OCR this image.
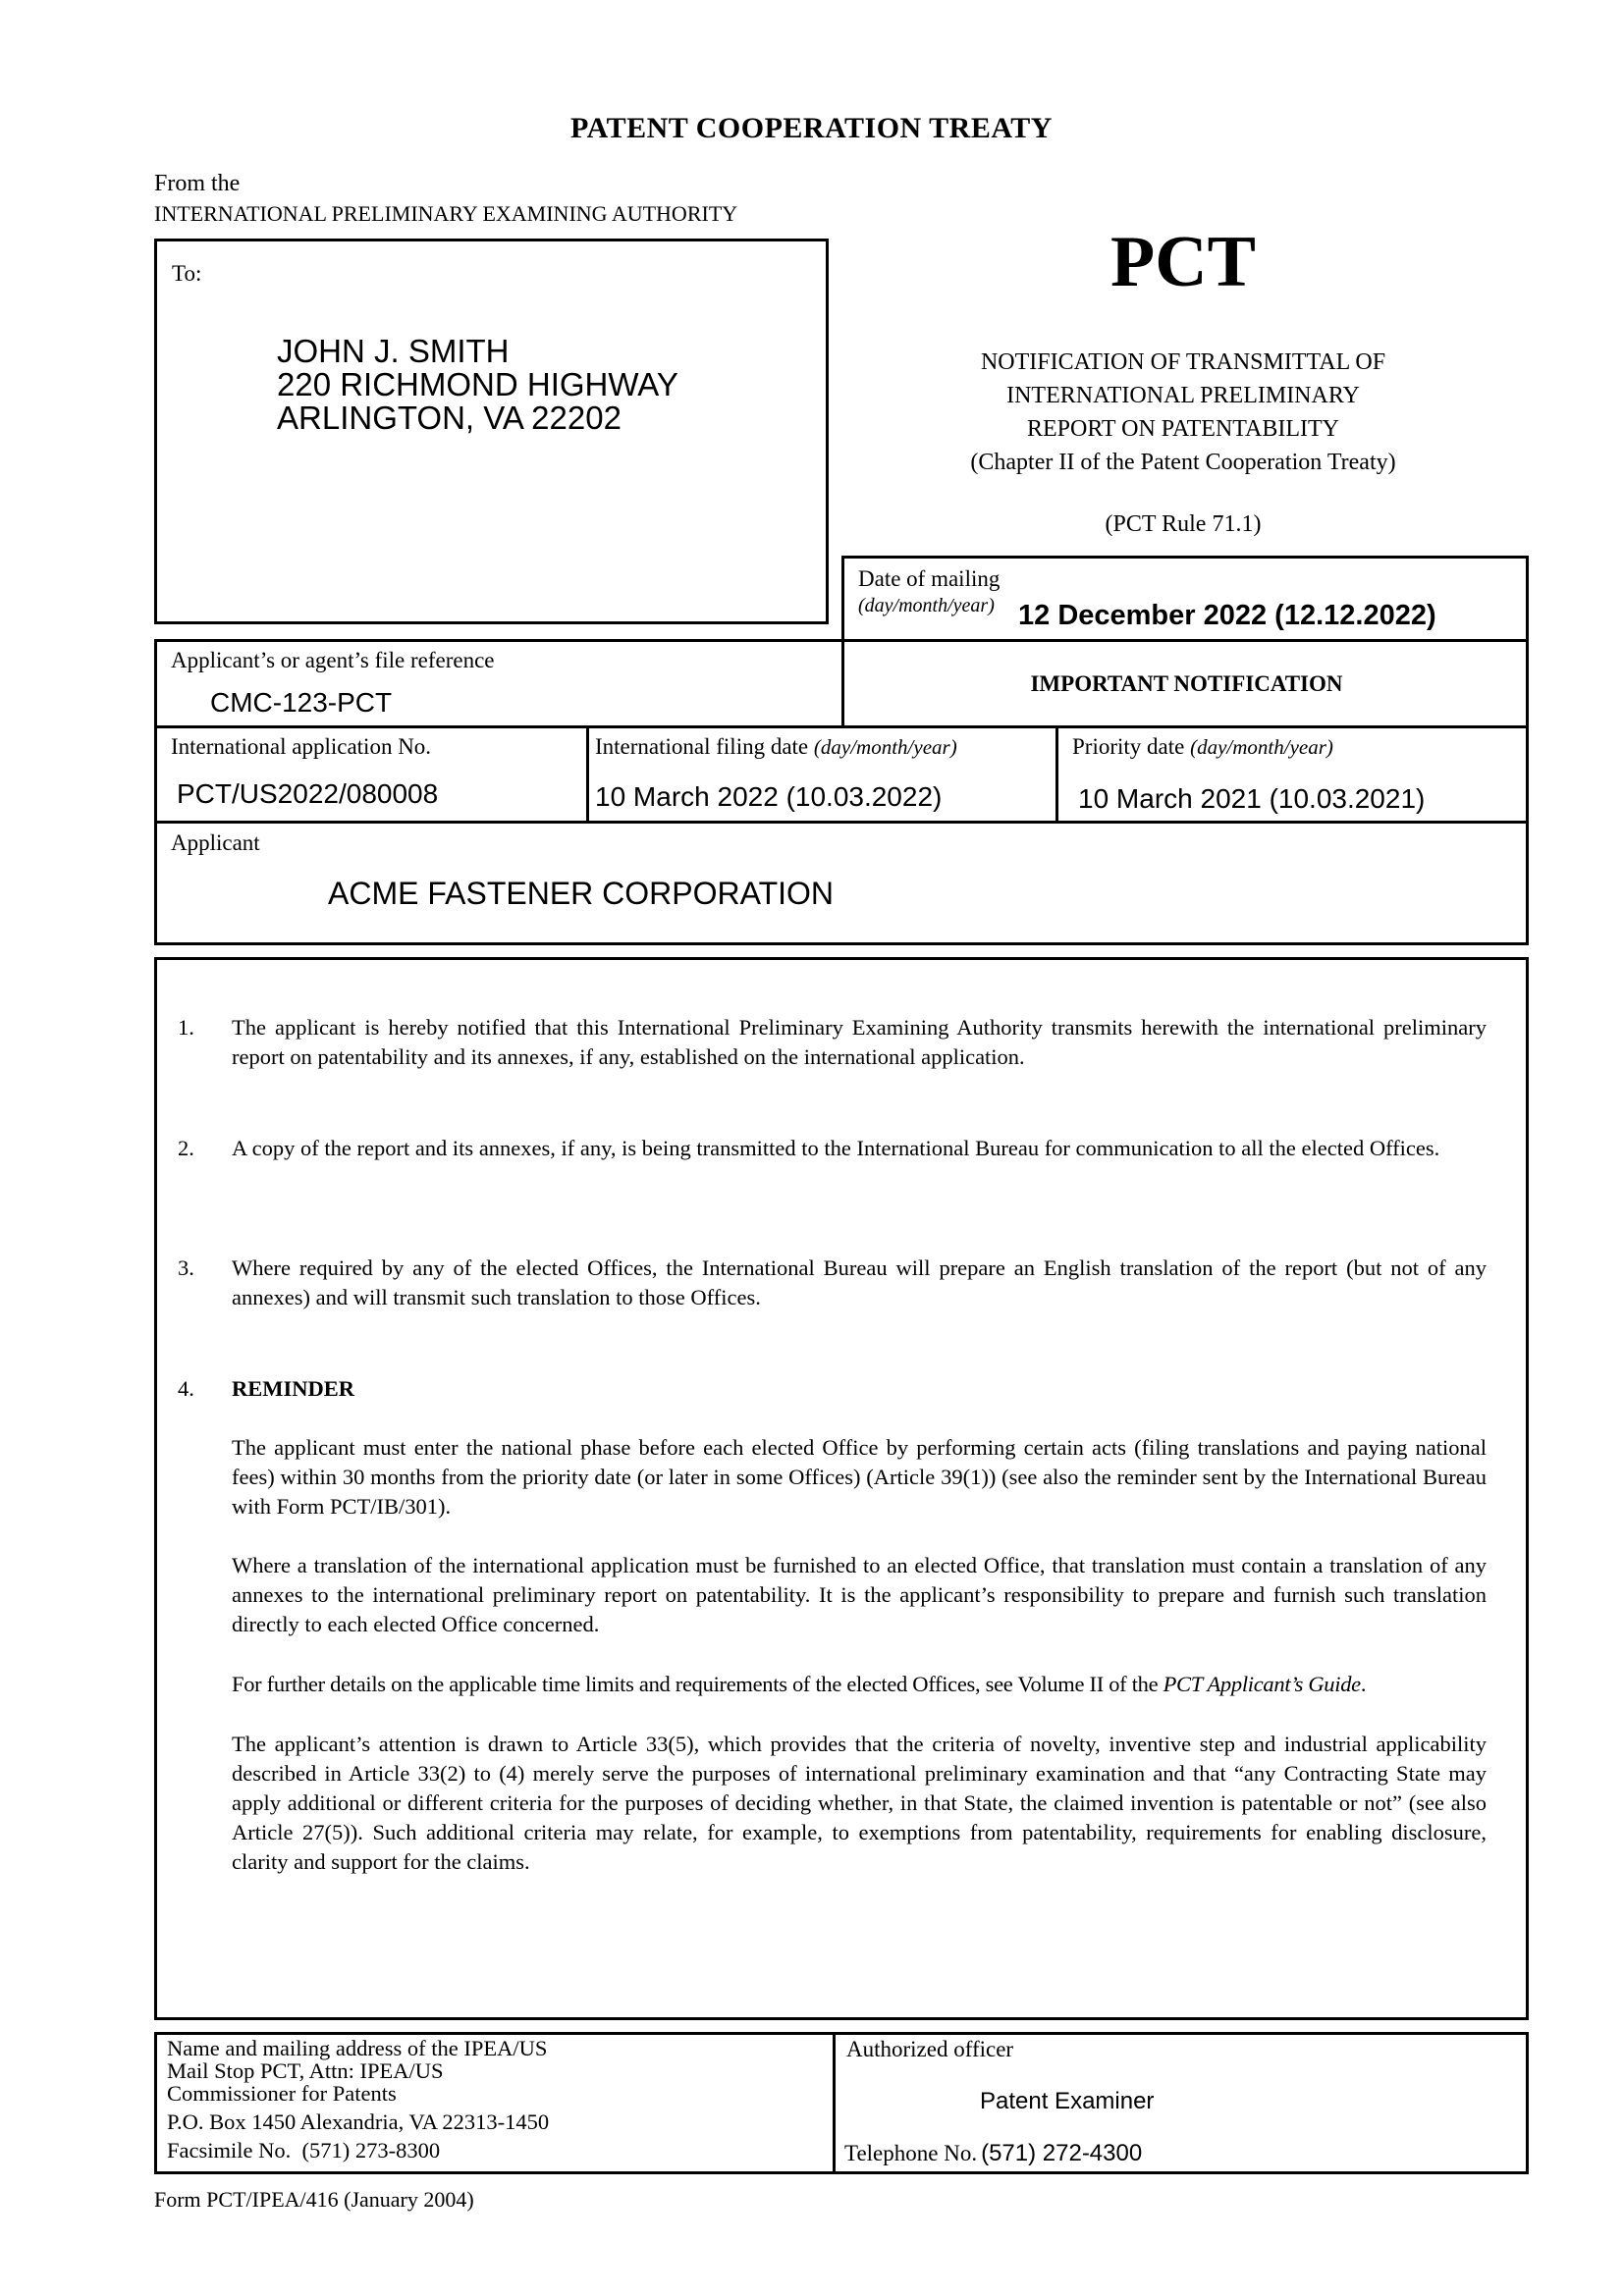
PATENT COOPERATION TREATY
From the
INTERNATIONAL PRELIMINARY EXAMINING AUTHORITY
To:
JOHN J. SMITH
220 RICHMOND HIGHWAY
ARLINGTON, VA 22202
PCT
NOTIFICATION OF TRANSMITTAL OF
INTERNATIONAL PRELIMINARY
REPORT ON PATENTABILITY
(Chapter II of the Patent Cooperation Treaty)
(PCT Rule 71.1)
Date of mailing
(day/month/year) 12 December 2022 (12.12.2022)
Applicant’s or agent’s file reference
CMC-123-PCT
IMPORTANT NOTIFICATION
International application No.
PCT/US2022/080008
International filing date (day/month/year)
10 March 2022 (10.03.2022)
Priority date (day/month/year)
10 March 2021 (10.03.2021)
Applicant
ACME FASTENER CORPORATION
1. The applicant is hereby notified that this International Preliminary Examining Authority transmits herewith the international preliminary report on patentability and its annexes, if any, established on the international application.
2. A copy of the report and its annexes, if any, is being transmitted to the International Bureau for communication to all the elected Offices.
3. Where required by any of the elected Offices, the International Bureau will prepare an English translation of the report (but not of any annexes) and will transmit such translation to those Offices.
4. REMINDER
The applicant must enter the national phase before each elected Office by performing certain acts (filing translations and paying national fees) within 30 months from the priority date (or later in some Offices) (Article 39(1)) (see also the reminder sent by the International Bureau with Form PCT/IB/301).
Where a translation of the international application must be furnished to an elected Office, that translation must contain a translation of any annexes to the international preliminary report on patentability. It is the applicant’s responsibility to prepare and furnish such translation directly to each elected Office concerned.
For further details on the applicable time limits and requirements of the elected Offices, see Volume II of the PCT Applicant’s Guide.
The applicant’s attention is drawn to Article 33(5), which provides that the criteria of novelty, inventive step and industrial applicability described in Article 33(2) to (4) merely serve the purposes of international preliminary examination and that “any Contracting State may apply additional or different criteria for the purposes of deciding whether, in that State, the claimed invention is patentable or not” (see also Article 27(5)). Such additional criteria may relate, for example, to exemptions from patentability, requirements for enabling disclosure, clarity and support for the claims.
Name and mailing address of the IPEA/US
Mail Stop PCT, Attn: IPEA/US
Commissioner for Patents
P.O. Box 1450 Alexandria, VA 22313-1450
Facsimile No. (571) 273-8300
Authorized officer
Patent Examiner
Telephone No. (571) 272-4300
Form PCT/IPEA/416 (January 2004)
